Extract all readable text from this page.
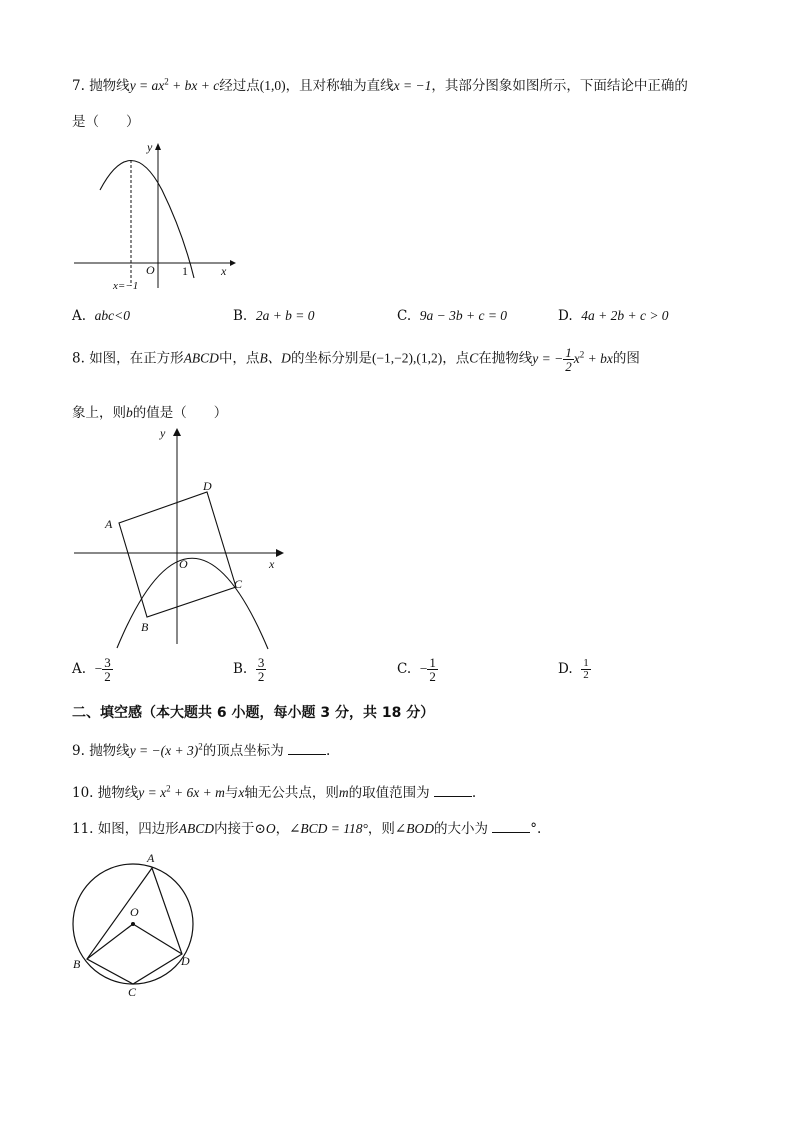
7. 抛物线$y = ax^2$ + bx + c经过点(1,0)，且对称轴为直线x = −1，其部分图象如图所示，下面结论中正确的
是（　　）
y
x
O 1
x=−1
A. abc<0	B. 2a + b = 0	C. 9a − 3b + c = 0	D. 4a + 2b + c > 0
8. 如图，在正方形ABCD中，点B、D的坐标分别是(−1,−2),(1,2)，点C在抛物线y = − $\frac{1}{2} x^2$ + bx的图
象上，则b的值是（　　）
y
x
A
B
C
D
O
A. − $\frac{3}{2}$	B. $\frac{3}{2}$	C. − $\frac{1}{2}$	D. $\frac{1}{2}$
二、填空感（本大题共 6 小题，每小题 3 分，共 18 分）
9. 抛物线$y = -(x + 3)^2$的顶点坐标为	.
10. 抛物线$y = x^2 + 6x + m$与x轴无公共点，则m的取值范围为	.
11. 如图，四边形ABCD内接于⊙O，∠BCD = 118°，则∠BOD的大小为	°.
A
B
C
D
O
